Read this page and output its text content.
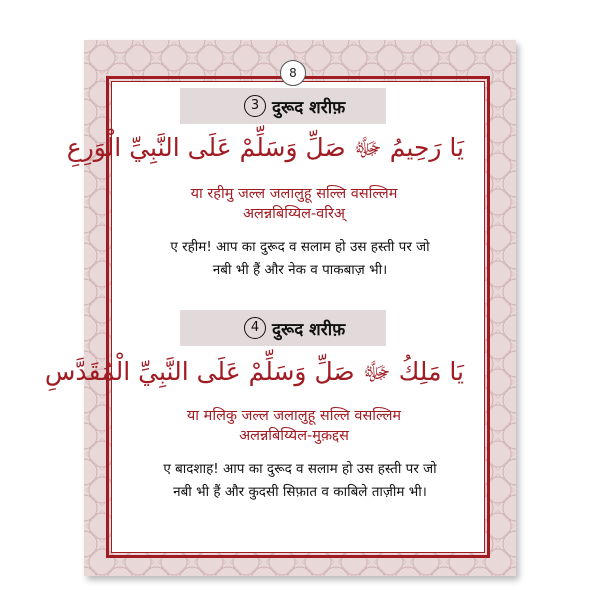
8
3 दुरूद शरीफ़
يَا رَحِيمُ ﷻ صَلِّ وَسَلِّمْ عَلَى النَّبِيِّ الْوَرِعِ
या रहीमु जल्ल जलालुहू सल्लि वसल्लिम
अलन्नबिय्यिल-वरिअ्
ए रहीम! आप का दुरूद व सलाम हो उस हस्ती पर जो
नबी भी हैं और नेक व पाकबाज़ भी।
4 दुरूद शरीफ़
يَا مَلِكُ ﷻ صَلِّ وَسَلِّمْ عَلَى النَّبِيِّ الْمُقَدَّسِ
या मलिकु जल्ल जलालुहू सल्लि वसल्लिम
अलन्नबिय्यिल-मुक़द्दस
ए बादशाह! आप का दुरूद व सलाम हो उस हस्ती पर जो
नबी भी हैं और कुदसी सिफ़ात व काबिले ताज़ीम भी।
